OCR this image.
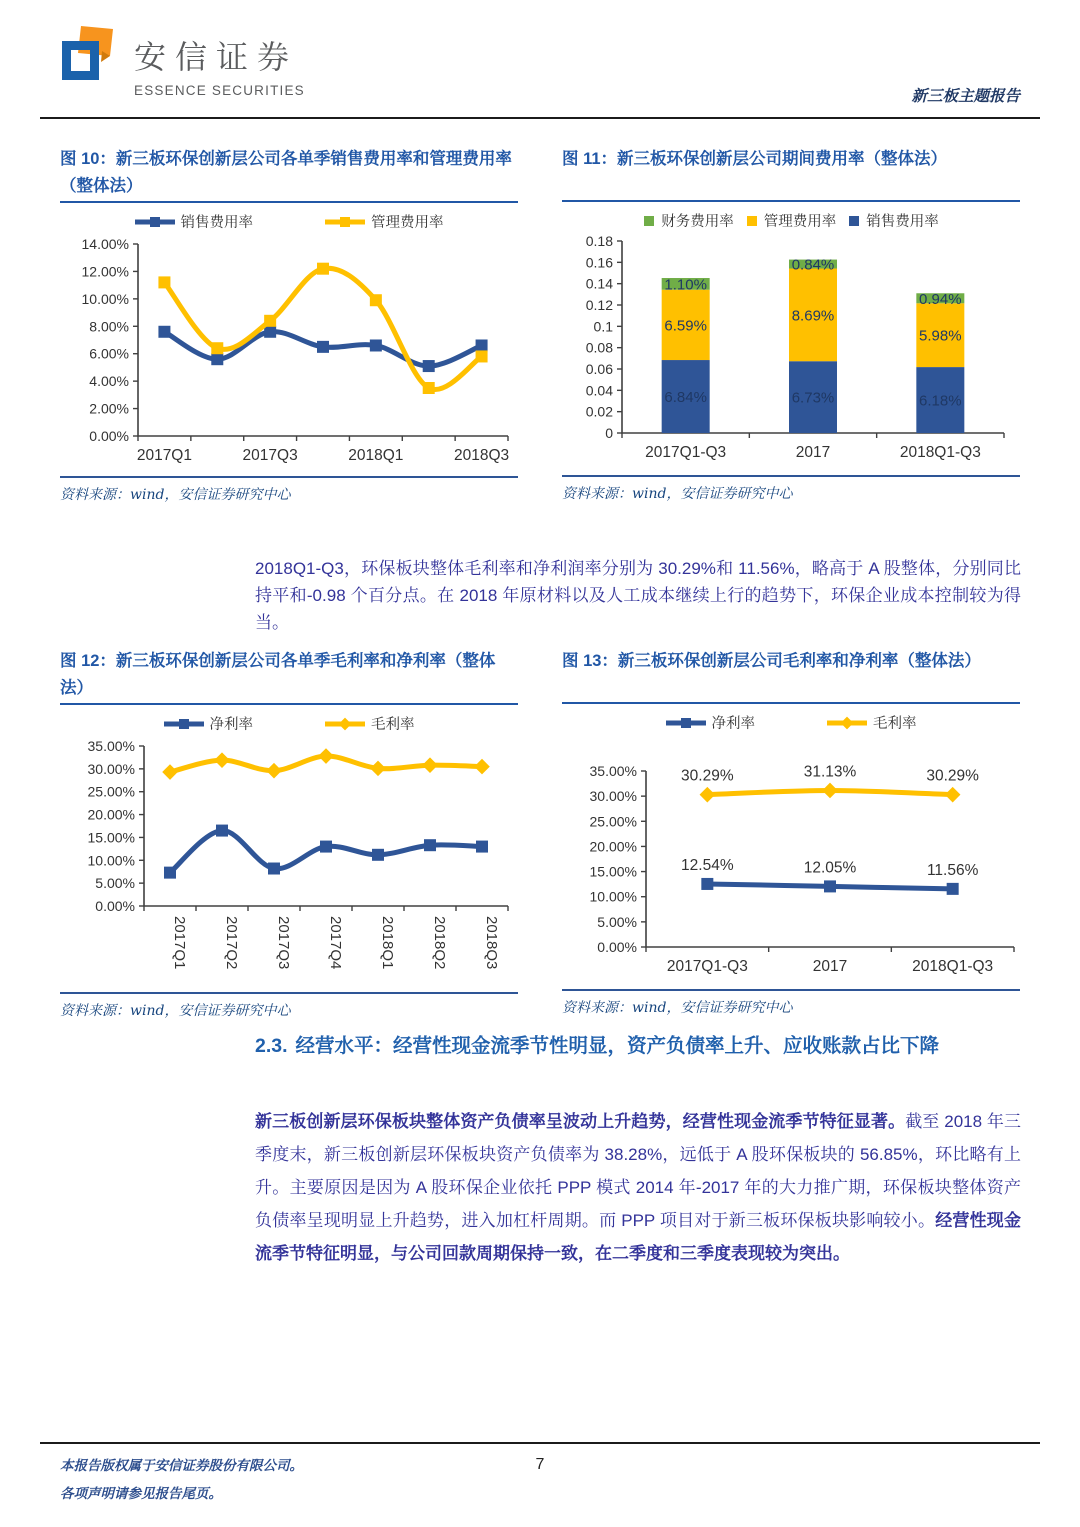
安信证券
ESSENCE SECURITIES	新三板主题报告
图 10：新三板环保创新层公司各单季销售费用率和管理费用率（整体法）
销售费用率	管理费用率
0.00%
2.00%
4.00%
6.00%
8.00%
10.00%
12.00%
14.00%
2017Q1	2017Q3	2018Q1	2018Q3
资料来源：wind，安信证券研究中心
图 11：新三板环保创新层公司期间费用率（整体法）
财务费用率 管理费用率 销售费用率
0
0.02
0.04
0.06
0.08
0.1
0.12
0.14
0.16
0.18
2017Q1-Q3	2017	2018Q1-Q3
6.84%	6.73%	6.18%
6.59%
8.69%
5.98%
1.10%
0.84%
0.94%
资料来源：wind，安信证券研究中心

2018Q1-Q3，环保板块整体毛利率和净利润率分别为 30.29%和 11.56%，略高于 A 股整体，分别同比持平和-0.98 个百分点。在 2018 年原材料以及人工成本继续上行的趋势下，环保企业成本控制较为得当。

图 12：新三板环保创新层公司各单季毛利率和净利率（整体法）
净利率	毛利率
0.00%
5.00%
10.00%
15.00%
20.00%
25.00%
30.00%
35.00%
2017Q1 2017Q2 2017Q3 2017Q4 2018Q1 2018Q2 2018Q3
资料来源：wind，安信证券研究中心
图 13：新三板环保创新层公司毛利率和净利率（整体法）
净利率	毛利率
0.00%
5.00%
10.00%
15.00%
20.00%
25.00%
30.00%
35.00%
2017Q1-Q3	2017	2018Q1-Q3
12.54%	12.05%	11.56%
30.29%	31.13%	30.29%
资料来源：wind，安信证券研究中心
2.3. 经营水平：经营性现金流季节性明显，资产负债率上升、应收账款占比下降

新三板创新层环保板块整体资产负债率呈波动上升趋势，经营性现金流季节特征显著。截至 2018 年三季度末，新三板创新层环保板块资产负债率为 38.28%，远低于 A 股环保板块的 56.85%，环比略有上升。主要原因是因为 A 股环保企业依托 PPP 模式 2014 年-2017 年的大力推广期，环保板块整体资产负债率呈现明显上升趋势，进入加杠杆周期。而 PPP 项目对于新三板环保板块影响较小。经营性现金流季节特征明显，与公司回款周期保持一致，在二季度和三季度表现较为突出。

本报告版权属于安信证券股份有限公司。
各项声明请参见报告尾页。
7
